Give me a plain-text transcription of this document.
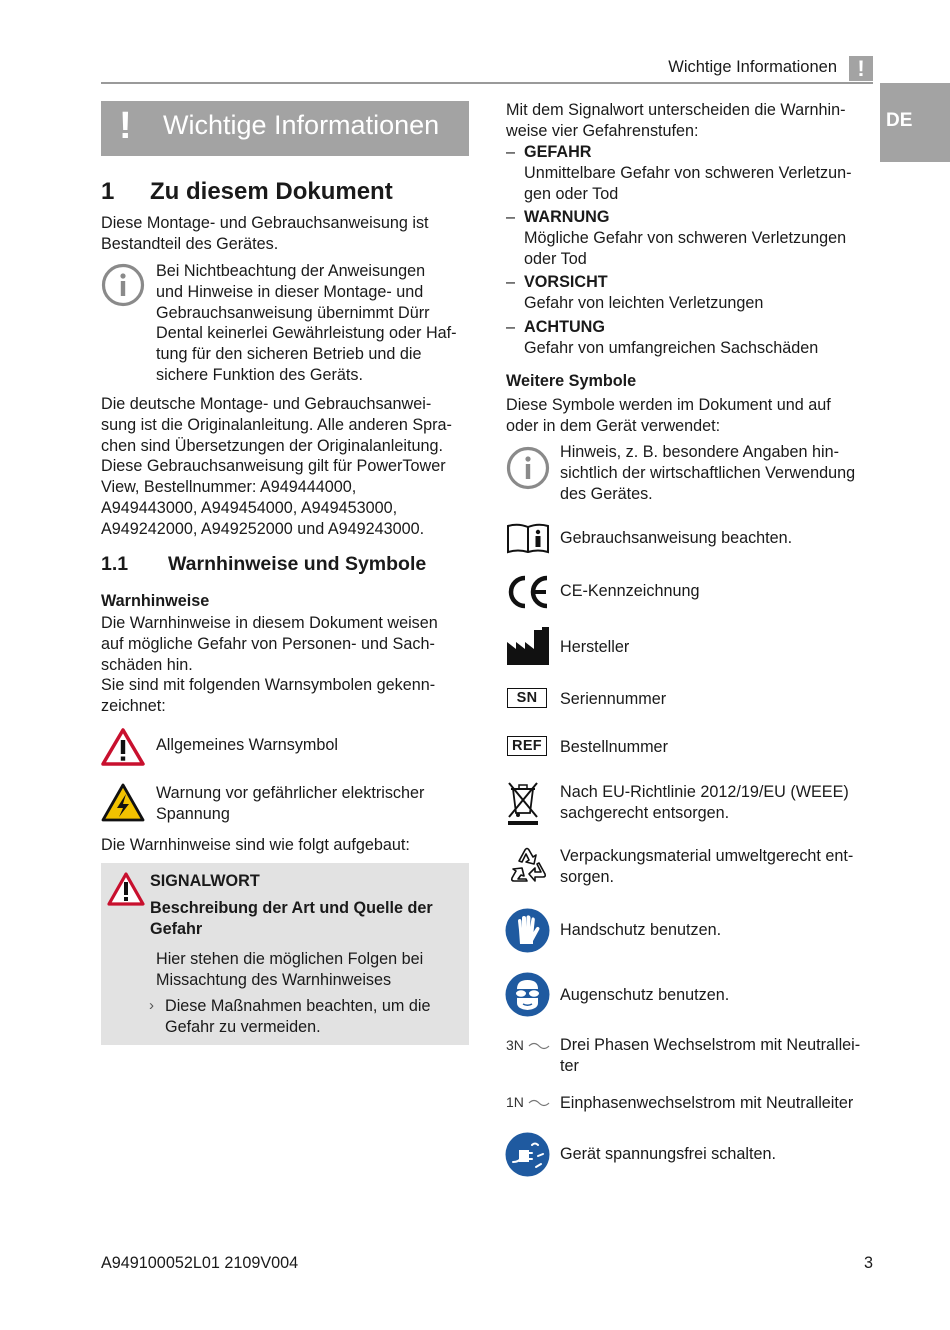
Wichtige Informationen !
DE
! Wichtige Informationen
1 Zu diesem Dokument

Diese Montage- und Gebrauchsanweisung ist

Bestandteil des Gerätes.

Bei Nichtbeachtung der Anweisungen

und Hinweise in dieser Montage- und

Gebrauchsanweisung übernimmt Dürr

Dental keinerlei Gewährleistung oder Haf-

tung für den sicheren Betrieb und die

sichere Funktion des Geräts.

Die deutsche Montage- und Gebrauchsanwei-

sung ist die Originalanleitung. Alle anderen Spra-

chen sind Übersetzungen der Originalanleitung.

Diese Gebrauchsanweisung gilt für PowerTower

View, Bestellnummer: A949444000,

A949443000, A949454000, A949453000,

A949242000, A949252000 und A949243000.

1.1 Warnhinweise und Symbole
Warnhinweise

Die Warnhinweise in diesem Dokument weisen

auf mögliche Gefahr von Personen- und Sach-

schäden hin.

Sie sind mit folgenden Warnsymbolen gekenn-

zeichnet:

Allgemeines Warnsymbol

Warnung vor gefährlicher elektrischer

Spannung

Die Warnhinweise sind wie folgt aufgebaut:
SIGNALWORT

Beschreibung der Art und Quelle der

Gefahr

Hier stehen die möglichen Folgen bei

Missachtung des Warnhinweises

› Diese Maßnahmen beachten, um die

Gefahr zu vermeiden.

Mit dem Signalwort unterscheiden die Warnhin-

weise vier Gefahrenstufen:

– GEFAHR

Unmittelbare Gefahr von schweren Verletzun-

gen oder Tod

– WARNUNG

Mögliche Gefahr von schweren Verletzungen

oder Tod

– VORSICHT

Gefahr von leichten Verletzungen

– ACHTUNG

Gefahr von umfangreichen Sachschäden

Weitere Symbole

Diese Symbole werden im Dokument und auf

oder in dem Gerät verwendet:

Hinweis, z. B. besondere Angaben hin-

sichtlich der wirtschaftlichen Verwendung

des Gerätes.

Gebrauchsanweisung beachten.
CE-Kennzeichnung
Hersteller
SN	Seriennummer
REF	Bestellnummer

Nach EU-Richtlinie 2012/19/EU (WEEE)

sachgerecht entsorgen.

Verpackungsmaterial umweltgerecht ent-

sorgen.

Handschutz benutzen.
Augenschutz benutzen.
3N	Drei Phasen Wechselstrom mit Neutrallei-

ter

1N	Einphasenwechselstrom mit Neutralleiter
Gerät spannungsfrei schalten.
A949100052L01 2109V004	3
